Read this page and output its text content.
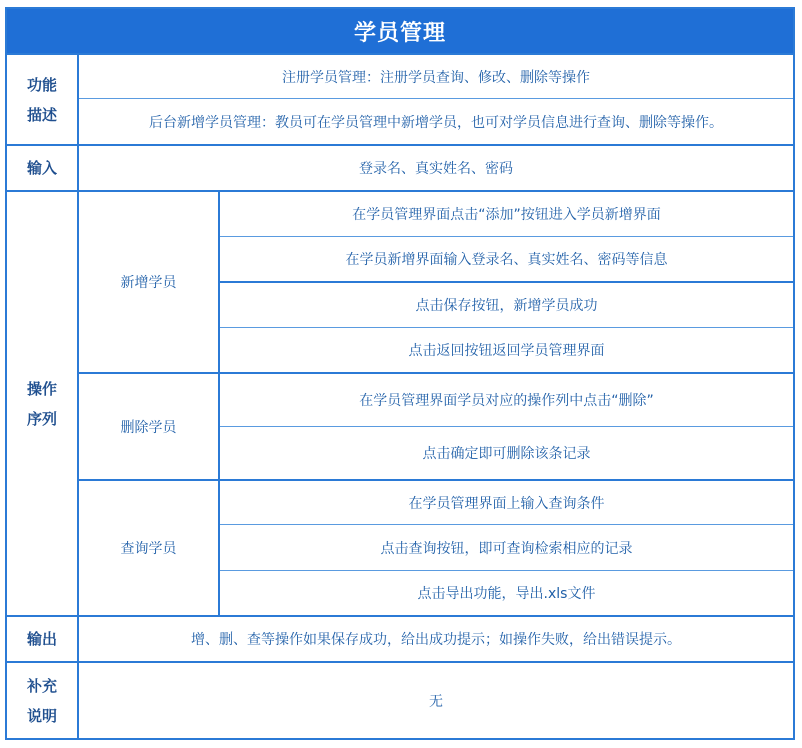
学员管理
功能
描述
注册学员管理：注册学员查询、修改、删除等操作
后台新增学员管理：教员可在学员管理中新增学员，也可对学员信息进行查询、删除等操作。
输入	登录名、真实姓名、密码
操作
序列
新增学员
在学员管理界面点击“添加”按钮进入学员新增界面
在学员新增界面输入登录名、真实姓名、密码等信息
点击保存按钮，新增学员成功
点击返回按钮返回学员管理界面
删除学员
在学员管理界面学员对应的操作列中点击“删除”
点击确定即可删除该条记录
查询学员
在学员管理界面上输入查询条件
点击查询按钮，即可查询检索相应的记录
点击导出功能，导出.xls文件
输出	增、删、查等操作如果保存成功，给出成功提示；如操作失败，给出错误提示。
补充
说明
无
